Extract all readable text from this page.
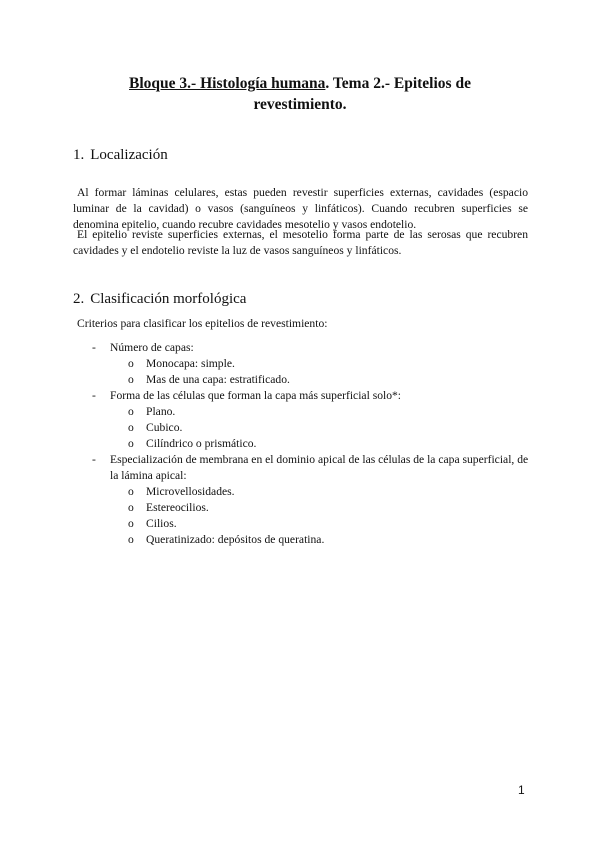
Bloque 3.- Histología humana. Tema 2.- Epitelios de
revestimiento.
1. Localización
Al formar láminas celulares, estas pueden revestir superficies externas, cavidades (espacio luminar de la cavidad) o vasos (sanguíneos y linfáticos). Cuando recubren superficies se denomina epitelio, cuando recubre cavidades mesotelio y vasos endotelio.
El epitelio reviste superficies externas, el mesotelio forma parte de las serosas que recubren cavidades y el endotelio reviste la luz de vasos sanguíneos y linfáticos.
2. Clasificación morfológica
Criterios para clasificar los epitelios de revestimiento:
- Número de capas:
o Monocapa: simple.
o Mas de una capa: estratificado.
- Forma de las células que forman la capa más superficial solo*:
o Plano.
o Cubico.
o Cilíndrico o prismático.
- Especialización de membrana en el dominio apical de las células de la capa superficial, de la lámina apical:
o Microvellosidades.
o Estereocilios.
o Cilios.
o Queratinizado: depósitos de queratina.
1
